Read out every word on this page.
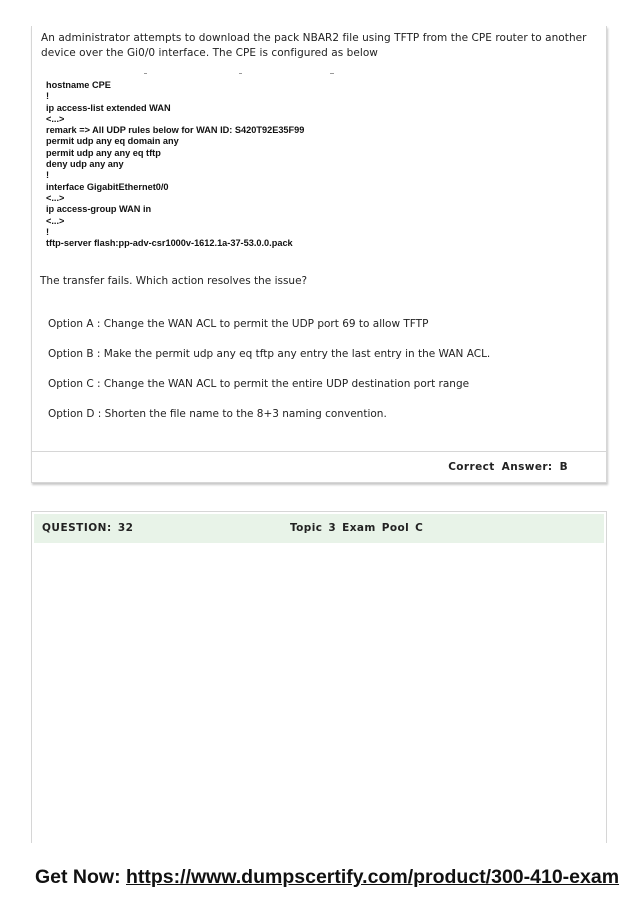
An administrator attempts to download the pack NBAR2 file using TFTP from the CPE router to another device over the Gi0/0 interface. The CPE is configured as below
hostname CPE
!
ip access-list extended WAN
<...>
remark => All UDP rules below for WAN ID: S420T92E35F99
permit udp any eq domain any
permit udp any any eq tftp
deny udp any any
!
interface GigabitEthernet0/0
<...>
ip access-group WAN in
<...>
!
tftp-server flash:pp-adv-csr1000v-1612.1a-37-53.0.0.pack
The transfer fails. Which action resolves the issue?
Option A : Change the WAN ACL to permit the UDP port 69 to allow TFTP
Option B : Make the permit udp any eq tftp any entry the last entry in the WAN ACL.
Option C : Change the WAN ACL to permit the entire UDP destination port range
Option D : Shorten the file name to the 8+3 naming convention.
Correct Answer: B
QUESTION: 32	Topic 3 Exam Pool C
Get Now: https://www.dumpscertify.com/product/300-410-exam
